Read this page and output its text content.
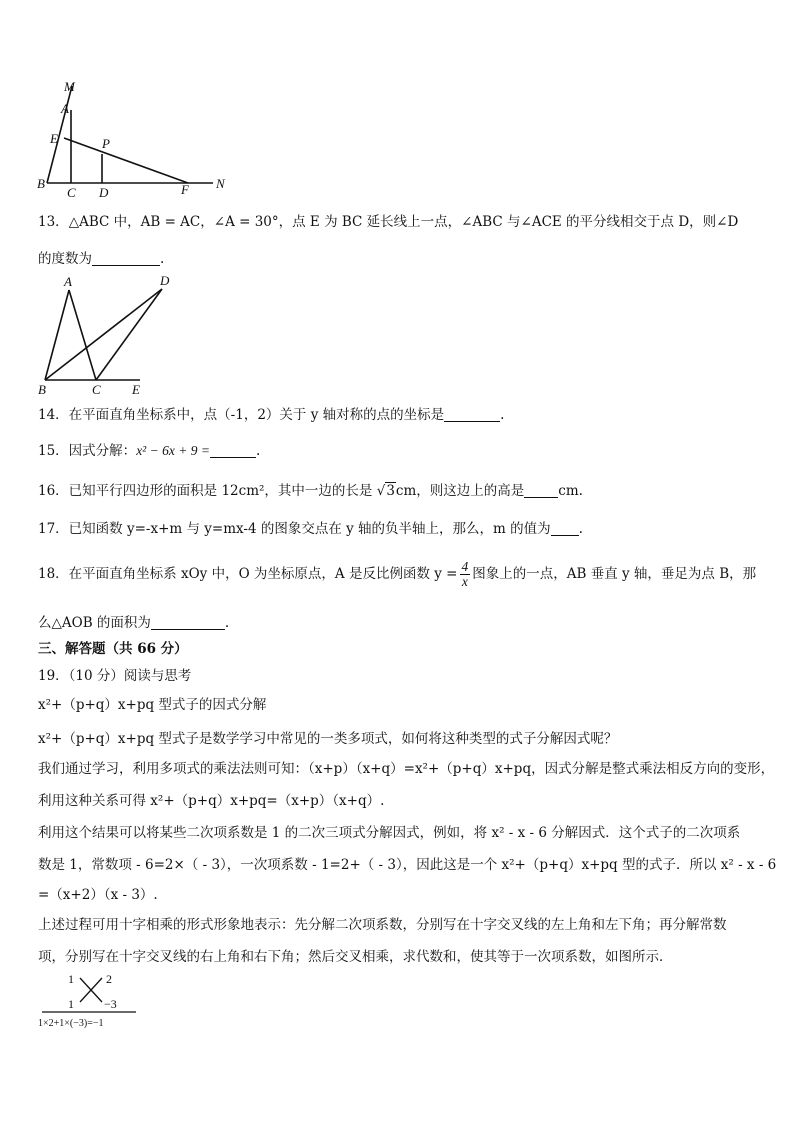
M
A
E	P
B
C D	F N
13．△ABC 中，AB = AC，∠A = 30°，点 E 为 BC 延长线上一点，∠ABC 与∠ACE 的平分线相交于点 D，则∠D
的度数为	.
A	D
B	C E
14．在平面直角坐标系中，点（-1，2）关于 y 轴对称的点的坐标是	.
15．因式分解：x² − 6x + 9 =	.
16．已知平行四边形的面积是 12cm²，其中一边的长是 √3cm，则这边上的高是	cm.
17．已知函数 y=-x+m 与 y=mx-4 的图象交点在 y 轴的负半轴上，那么，m 的值为 .
18．在平面直角坐标系 xOy 中，O 为坐标原点，A 是反比例函数 $y = \frac{4}{x}$ 图象上的一点，AB 垂直 y 轴，垂足为点 B，那
么△AOB 的面积为	.
三、解答题（共 66 分）
19．（10 分）阅读与思考
x²+（p+q）x+pq 型式子的因式分解
x²+（p+q）x+pq 型式子是数学学习中常见的一类多项式，如何将这种类型的式子分解因式呢？
我们通过学习，利用多项式的乘法法则可知：（x+p）（x+q）=x²+（p+q）x+pq，因式分解是整式乘法相反方向的变形，
利用这种关系可得 x²+（p+q）x+pq=（x+p）（x+q）.
利用这个结果可以将某些二次项系数是 1 的二次三项式分解因式，例如，将 x² - x - 6 分解因式．这个式子的二次项系
数是 1，常数项 - 6=2×（ - 3），一次项系数 - 1=2+（ - 3），因此这是一个 x²+（p+q）x+pq 型的式子．所以 x² - x - 6
=（x+2）（x - 3）.
上述过程可用十字相乘的形式形象地表示：先分解二次项系数，分别写在十字交叉线的左上角和左下角；再分解常数
项，分别写在十字交叉线的右上角和右下角；然后交叉相乘，求代数和，使其等于一次项系数，如图所示．
1	2
1	−3
1×2+1×(−3)=−1
